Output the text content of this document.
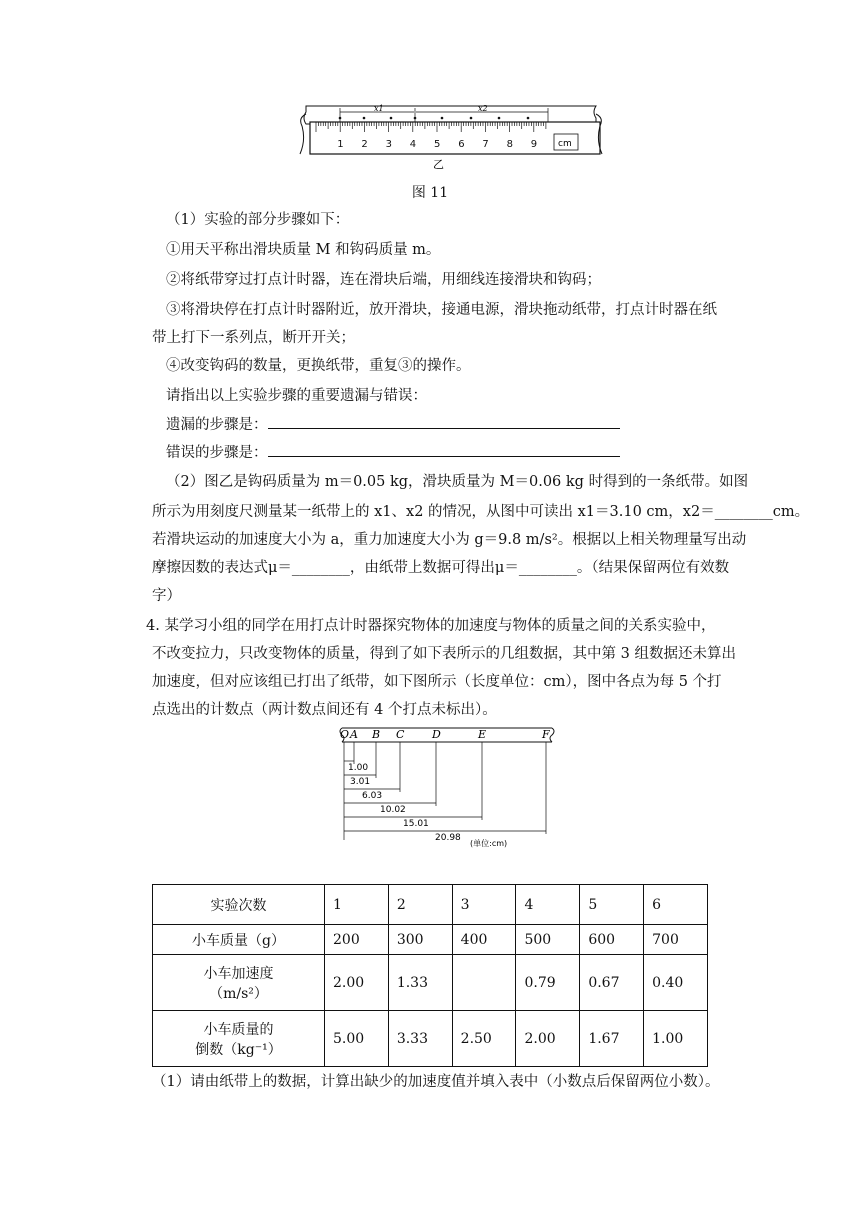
x1	x2
1 2 3 4 5 6 7 8 9 cm
乙
图 11
（1）实验的部分步骤如下：
①用天平称出滑块质量 M 和钩码质量 m。
②将纸带穿过打点计时器，连在滑块后端，用细线连接滑块和钩码；
③将滑块停在打点计时器附近，放开滑块，接通电源，滑块拖动纸带，打点计时器在纸
带上打下一系列点，断开开关；
④改变钩码的数量，更换纸带，重复③的操作。
请指出以上实验步骤的重要遗漏与错误：
遗漏的步骤是：
错误的步骤是：
（2）图乙是钩码质量为 m＝0.05 kg，滑块质量为 M＝0.06 kg 时得到的一条纸带。如图
所示为用刻度尺测量某一纸带上的 x1、x2 的情况，从图中可读出 x1＝3.10 cm，x2＝________cm。
若滑块运动的加速度大小为 a，重力加速度大小为 g＝9.8 m/s²。根据以上相关物理量写出动
摩擦因数的表达式μ＝________，由纸带上数据可得出μ＝________。（结果保留两位有效数
字）
4. 某学习小组的同学在用打点计时器探究物体的加速度与物体的质量之间的关系实验中，
不改变拉力，只改变物体的质量，得到了如下表所示的几组数据，其中第 3 组数据还未算出
加速度，但对应该组已打出了纸带，如下图所示（长度单位：cm），图中各点为每 5 个打
点选出的计数点（两计数点间还有 4 个打点未标出）。
O A B C	D	E	F
1.00
3.01
6.03
10.02
15.01
20.98
(单位:cm)
实验次数	1	2	3	4	5	6
小车质量（g）	200	300	400	500	600	700

小车加速度
（m/s²）	2.00	1.33		0.79	0.67	0.40

小车质量的
倒数（kg⁻¹）	5.00	3.33	2.50	2.00	1.67	1.00
（1）请由纸带上的数据，计算出缺少的加速度值并填入表中（小数点后保留两位小数）。
